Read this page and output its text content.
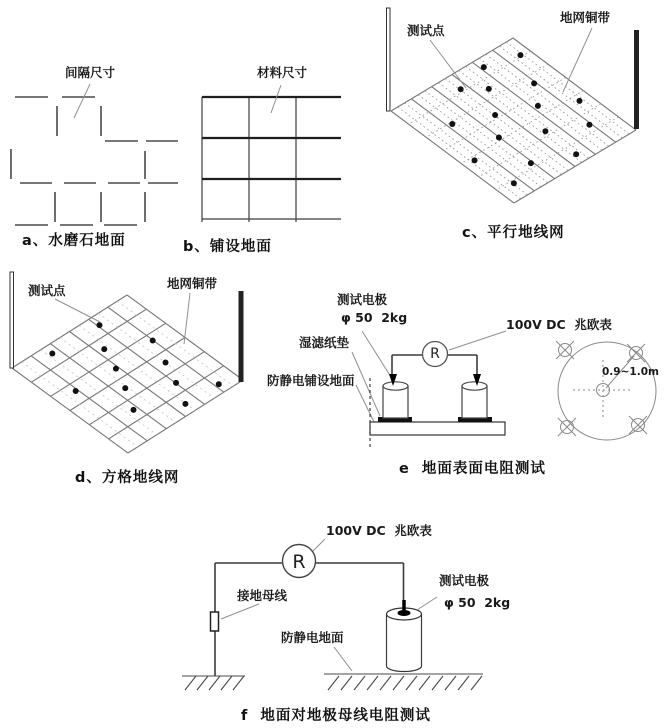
间隔尺寸	材料尺寸
a、水磨石地面	b、铺设地面
测试点
地网铜带
c、平行地线网
测试点	地网铜带
d、方格地线网
测试电极
φ 50  2kg
湿滤纸垫
防静电铺设地面
100V DC  兆欧表
R
0.9~1.0m
e  地面表面电阻测试
100V DC  兆欧表
R
接地母线
防静电地面
测试电极
φ 50  2kg
f  地面对地极母线电阻测试
